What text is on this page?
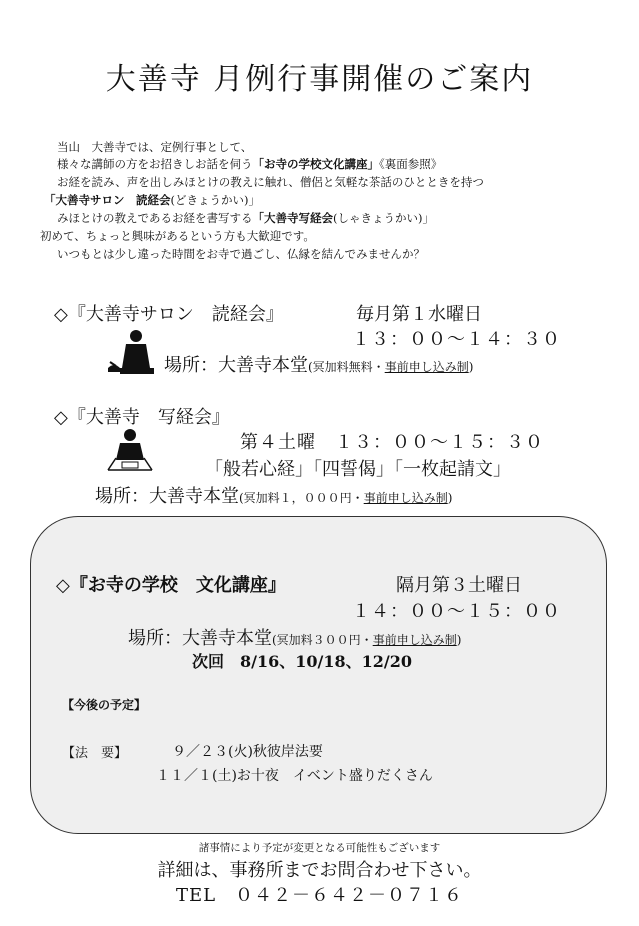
大善寺 月例行事開催のご案内
当山　大善寺では、定例行事として、
様々な講師の方をお招きしお話を伺う「お寺の学校文化講座」《裏面参照》
お経を読み、声を出しみほとけの教えに触れ、僧侶と気軽な茶話のひとときを持つ
「大善寺サロン　読経会(どきょうかい)」
みほとけの教えであるお経を書写する「大善寺写経会(しゃきょうかい)」
初めて、ちょっと興味があるという方も大歓迎です。
いつもとは少し違った時間をお寺で過ごし、仏縁を結んでみませんか？
◇『大善寺サロン　読経会』	毎月第１水曜日
１３：００～１４：３０
場所：大善寺本堂(冥加料無料・事前申し込み制)
◇『大善寺　写経会』
第４土曜　１３：００～１５：３０
「般若心経」「四誓偈」「一枚起請文」
場所：大善寺本堂(冥加料１，０００円・事前申し込み制)
◇『お寺の学校　文化講座』	隔月第３土曜日
１４：００～１５：００
場所：大善寺本堂(冥加料３００円・事前申し込み制)
次回　8/16、10/18、12/20
【今後の予定】
【法　要】	９／２３(火)秋彼岸法要
１１／１(土)お十夜　イベント盛りだくさん
諸事情により予定が変更となる可能性もございます
詳細は、事務所までお問合わせ下さい。
TEL　０４２－６４２－０７１６
